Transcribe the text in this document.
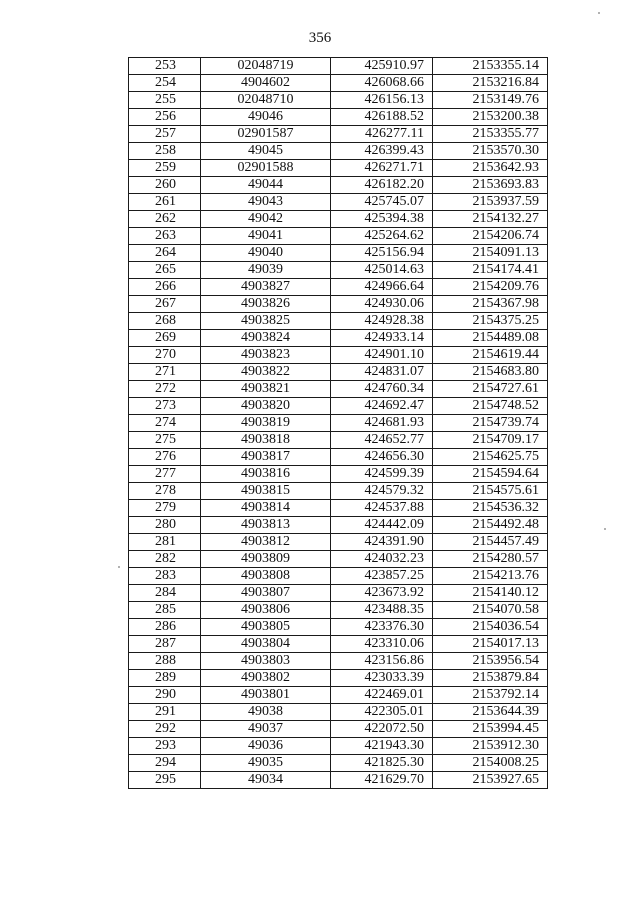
356
253	02048719	425910.97	2153355.14
254	4904602	426068.66	2153216.84
255	02048710	426156.13	2153149.76
256	49046	426188.52	2153200.38
257	02901587	426277.11	2153355.77
258	49045	426399.43	2153570.30
259	02901588	426271.71	2153642.93
260	49044	426182.20	2153693.83
261	49043	425745.07	2153937.59
262	49042	425394.38	2154132.27
263	49041	425264.62	2154206.74
264	49040	425156.94	2154091.13
265	49039	425014.63	2154174.41
266	4903827	424966.64	2154209.76
267	4903826	424930.06	2154367.98
268	4903825	424928.38	2154375.25
269	4903824	424933.14	2154489.08
270	4903823	424901.10	2154619.44
271	4903822	424831.07	2154683.80
272	4903821	424760.34	2154727.61
273	4903820	424692.47	2154748.52
274	4903819	424681.93	2154739.74
275	4903818	424652.77	2154709.17
276	4903817	424656.30	2154625.75
277	4903816	424599.39	2154594.64
278	4903815	424579.32	2154575.61
279	4903814	424537.88	2154536.32
280	4903813	424442.09	2154492.48
281	4903812	424391.90	2154457.49
282	4903809	424032.23	2154280.57
283	4903808	423857.25	2154213.76
284	4903807	423673.92	2154140.12
285	4903806	423488.35	2154070.58
286	4903805	423376.30	2154036.54
287	4903804	423310.06	2154017.13
288	4903803	423156.86	2153956.54
289	4903802	423033.39	2153879.84
290	4903801	422469.01	2153792.14
291	49038	422305.01	2153644.39
292	49037	422072.50	2153994.45
293	49036	421943.30	2153912.30
294	49035	421825.30	2154008.25
295	49034	421629.70	2153927.65
